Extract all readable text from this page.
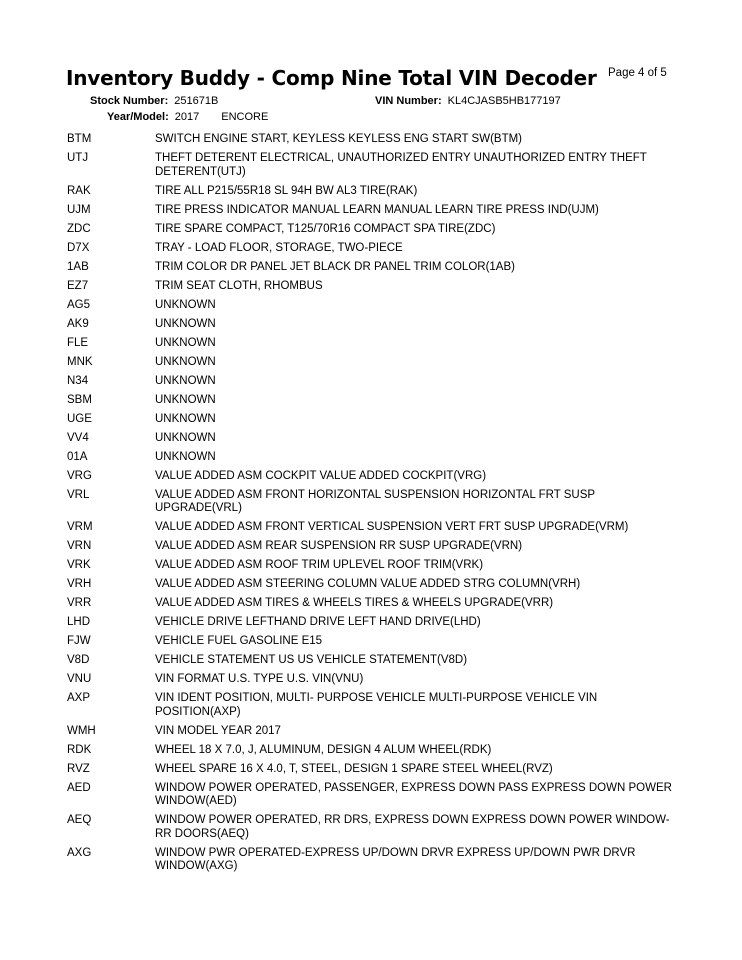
Inventory Buddy - Comp Nine Total VIN Decoder Page 4 of 5
Stock Number: 251671B	VIN Number: KL4CJASB5HB177197
Year/Model: 2017 ENCORE
BTM	SWITCH ENGINE START, KEYLESS KEYLESS ENG START SW(BTM)
UTJ	THEFT DETERENT ELECTRICAL, UNAUTHORIZED ENTRY UNAUTHORIZED ENTRY THEFT DETERENT(UTJ)
RAK	TIRE ALL P215/55R18 SL 94H BW AL3 TIRE(RAK)
UJM	TIRE PRESS INDICATOR MANUAL LEARN MANUAL LEARN TIRE PRESS IND(UJM)
ZDC	TIRE SPARE COMPACT, T125/70R16 COMPACT SPA TIRE(ZDC)
D7X	TRAY - LOAD FLOOR, STORAGE, TWO-PIECE
1AB	TRIM COLOR DR PANEL JET BLACK DR PANEL TRIM COLOR(1AB)
EZ7	TRIM SEAT CLOTH, RHOMBUS
AG5	UNKNOWN
AK9	UNKNOWN
FLE	UNKNOWN
MNK	UNKNOWN
N34	UNKNOWN
SBM	UNKNOWN
UGE	UNKNOWN
VV4	UNKNOWN
01A	UNKNOWN
VRG	VALUE ADDED ASM COCKPIT VALUE ADDED COCKPIT(VRG)
VRL	VALUE ADDED ASM FRONT HORIZONTAL SUSPENSION HORIZONTAL FRT SUSP UPGRADE(VRL)
VRM	VALUE ADDED ASM FRONT VERTICAL SUSPENSION VERT FRT SUSP UPGRADE(VRM)
VRN	VALUE ADDED ASM REAR SUSPENSION RR SUSP UPGRADE(VRN)
VRK	VALUE ADDED ASM ROOF TRIM UPLEVEL ROOF TRIM(VRK)
VRH	VALUE ADDED ASM STEERING COLUMN VALUE ADDED STRG COLUMN(VRH)
VRR	VALUE ADDED ASM TIRES & WHEELS TIRES & WHEELS UPGRADE(VRR)
LHD	VEHICLE DRIVE LEFTHAND DRIVE LEFT HAND DRIVE(LHD)
FJW	VEHICLE FUEL GASOLINE E15
V8D	VEHICLE STATEMENT US US VEHICLE STATEMENT(V8D)
VNU	VIN FORMAT U.S. TYPE U.S. VIN(VNU)
AXP	VIN IDENT POSITION, MULTI- PURPOSE VEHICLE MULTI-PURPOSE VEHICLE VIN POSITION(AXP)
WMH	VIN MODEL YEAR 2017
RDK	WHEEL 18 X 7.0, J, ALUMINUM, DESIGN 4 ALUM WHEEL(RDK)
RVZ	WHEEL SPARE 16 X 4.0, T, STEEL, DESIGN 1 SPARE STEEL WHEEL(RVZ)
AED	WINDOW POWER OPERATED, PASSENGER, EXPRESS DOWN PASS EXPRESS DOWN POWER WINDOW(AED)
AEQ	WINDOW POWER OPERATED, RR DRS, EXPRESS DOWN EXPRESS DOWN POWER WINDOW-RR DOORS(AEQ)
AXG	WINDOW PWR OPERATED-EXPRESS UP/DOWN DRVR EXPRESS UP/DOWN PWR DRVR WINDOW(AXG)
